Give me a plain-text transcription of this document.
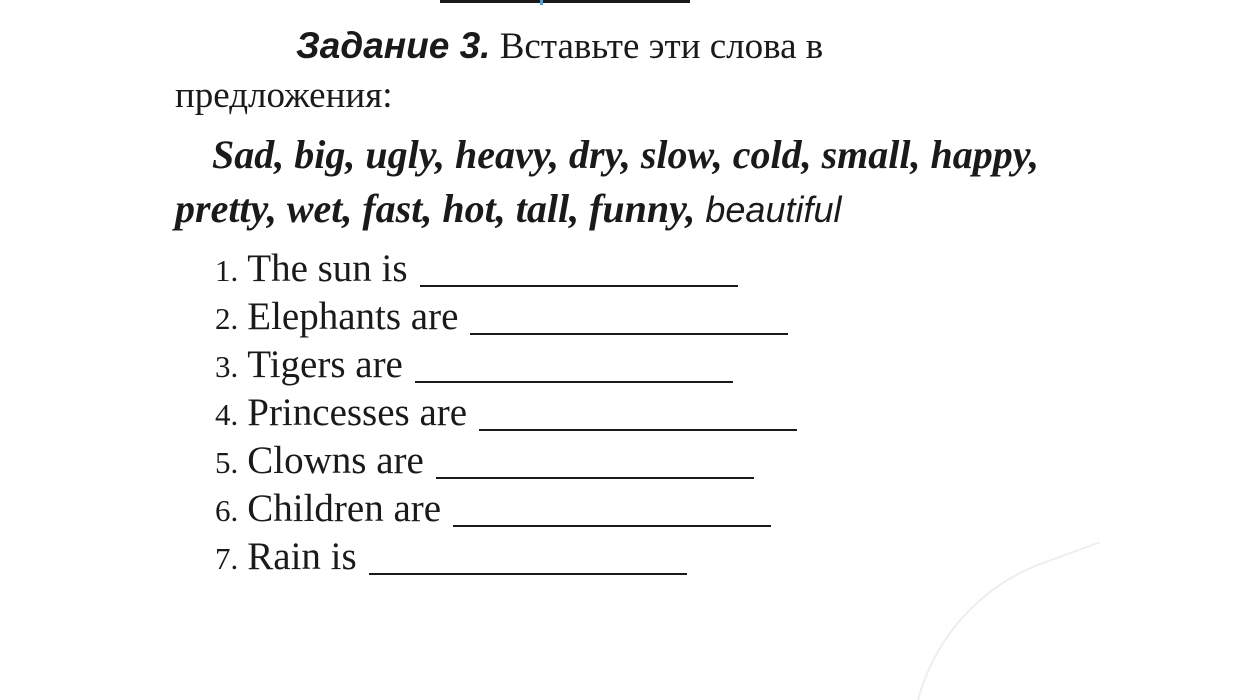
Задание 3. Вставьте эти слова в
предложения:
Sad, big, ugly, heavy, dry, slow, cold, small, happy,
pretty, wet, fast, hot, tall, funny, beautiful
1. The sun is
2. Elephants are
3. Tigers are
4. Princesses are
5. Clowns are
6. Children are
7. Rain is
